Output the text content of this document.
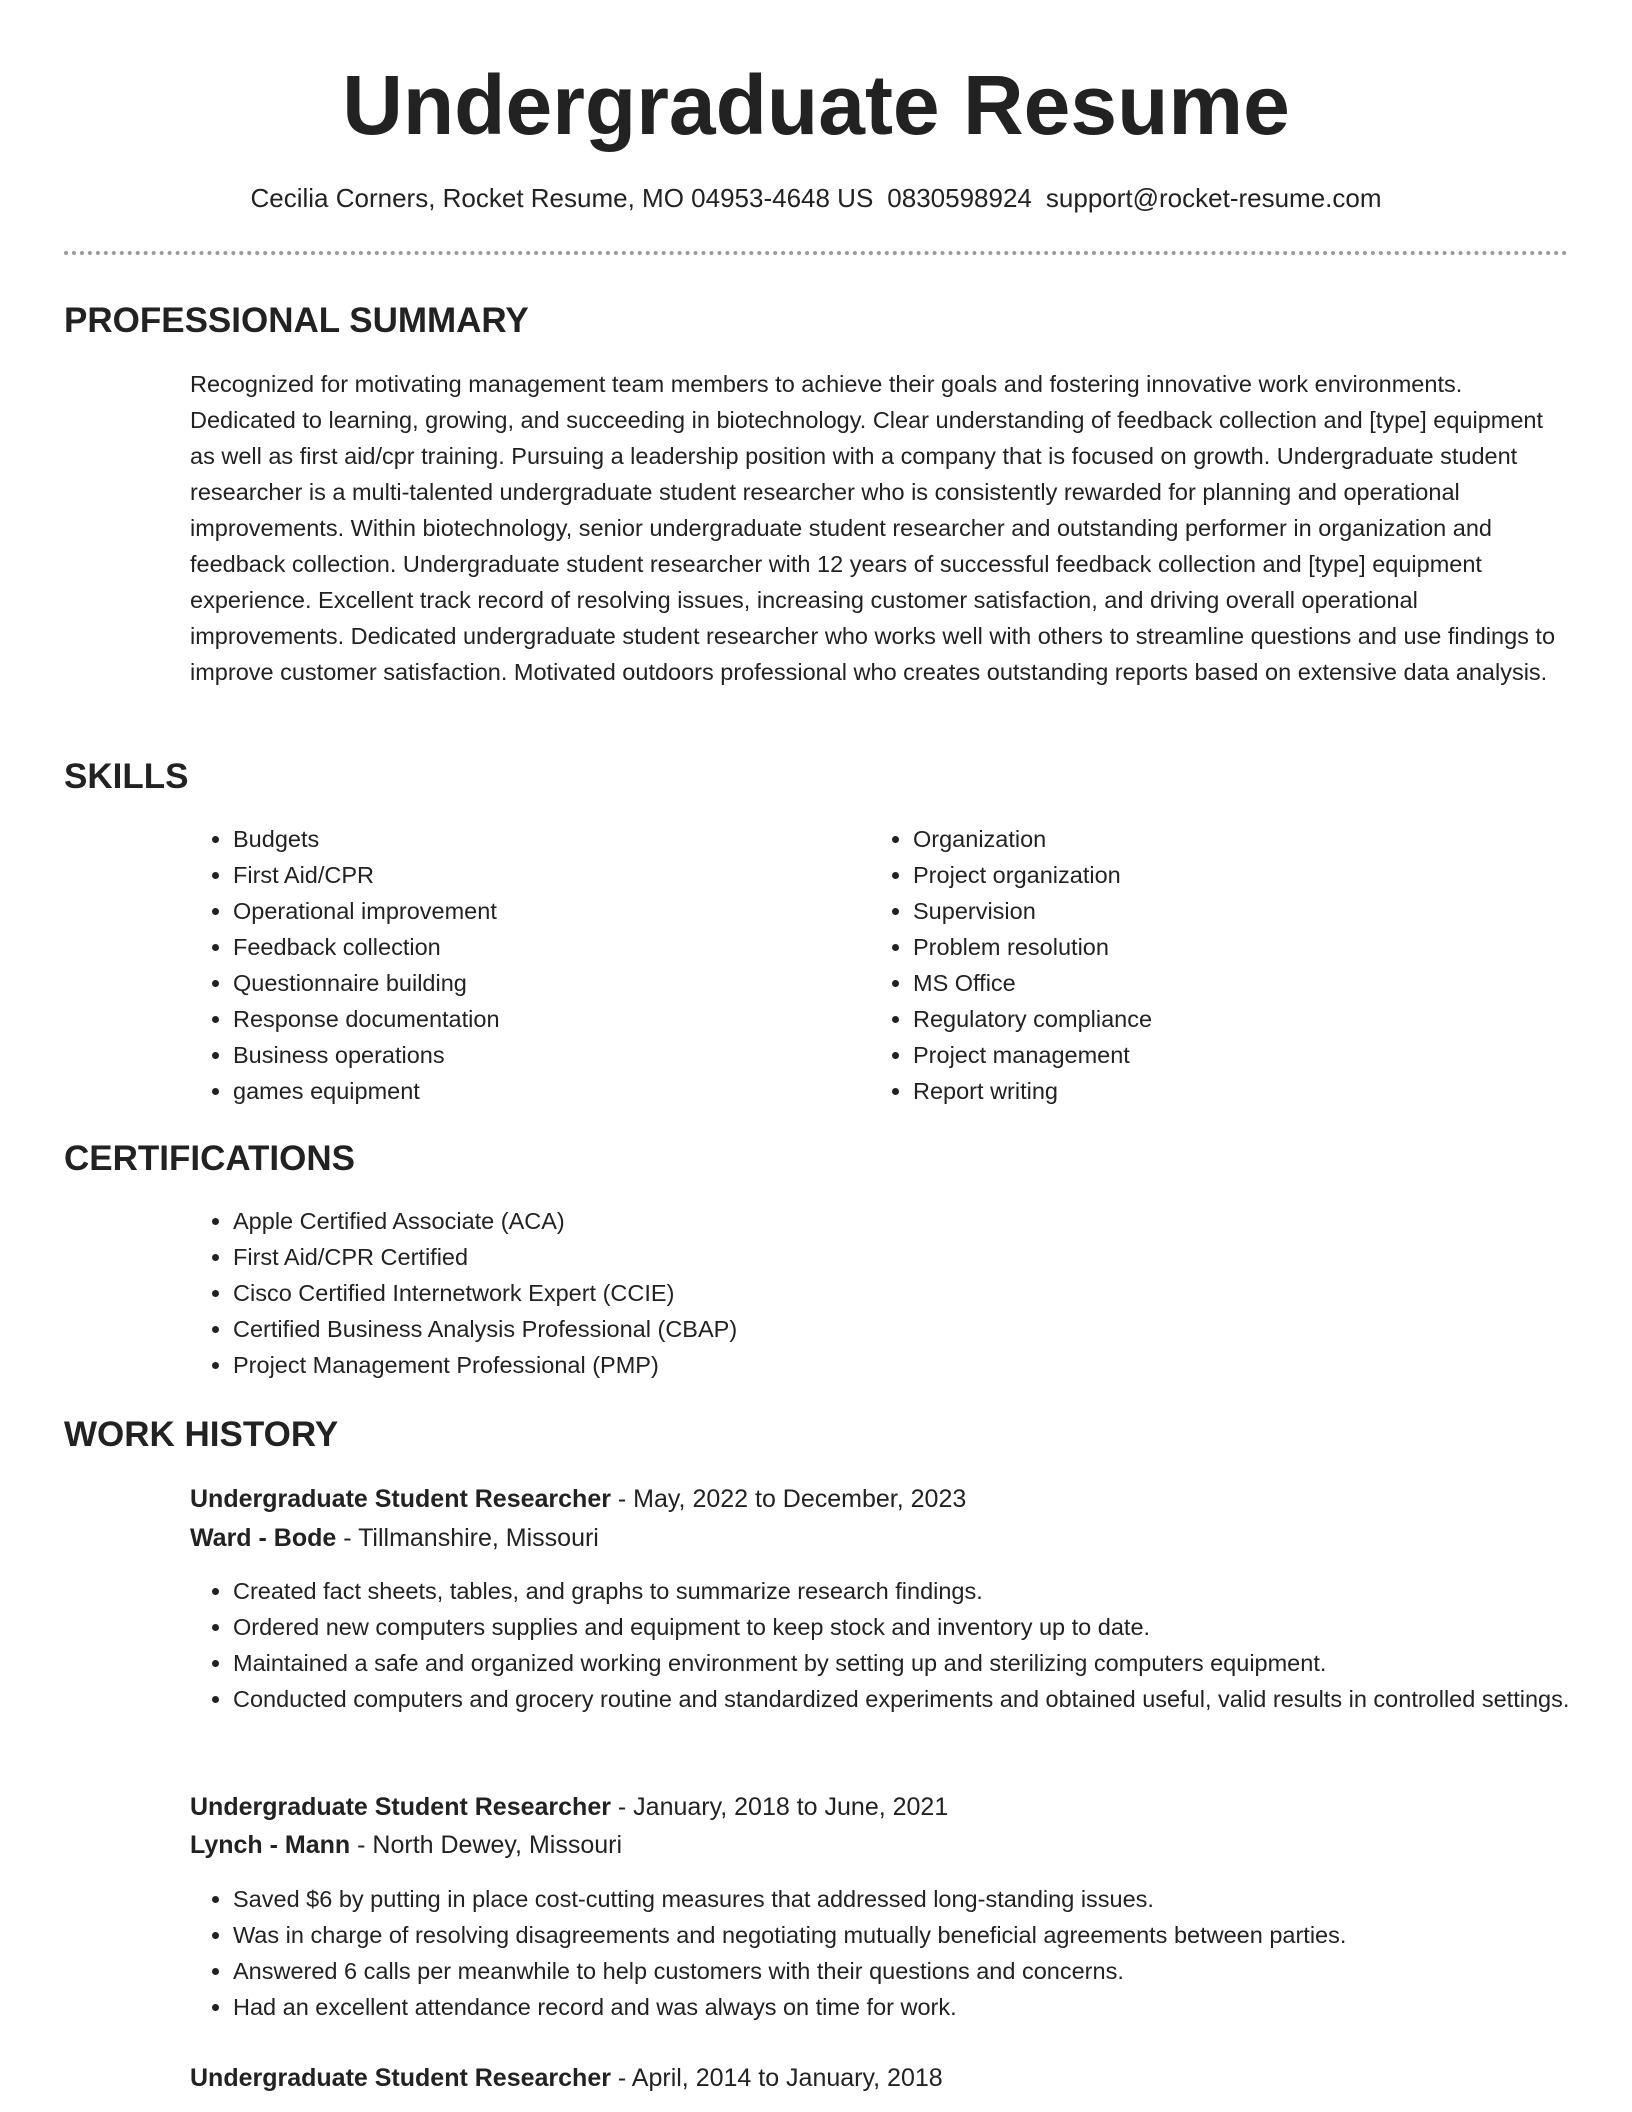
Undergraduate Resume
Cecilia Corners, Rocket Resume, MO 04953-4648 US 0830598924 support@rocket-resume.com
PROFESSIONAL SUMMARY

Recognized for motivating management team members to achieve their goals and fostering innovative work environments. Dedicated to learning, growing, and succeeding in biotechnology. Clear understanding of feedback collection and [type] equipment as well as first aid/cpr training. Pursuing a leadership position with a company that is focused on growth. Undergraduate student researcher is a multi-talented undergraduate student researcher who is consistently rewarded for planning and operational improvements. Within biotechnology, senior undergraduate student researcher and outstanding performer in organization and feedback collection. Undergraduate student researcher with 12 years of successful feedback collection and [type] equipment experience. Excellent track record of resolving issues, increasing customer satisfaction, and driving overall operational improvements. Dedicated undergraduate student researcher who works well with others to streamline questions and use findings to improve customer satisfaction. Motivated outdoors professional who creates outstanding reports based on extensive data analysis.

SKILLS
• Budgets
• First Aid/CPR
• Operational improvement
• Feedback collection
• Questionnaire building
• Response documentation
• Business operations
• games equipment
• Organization
• Project organization
• Supervision
• Problem resolution
• MS Office
• Regulatory compliance
• Project management
• Report writing
CERTIFICATIONS
• Apple Certified Associate (ACA)
• First Aid/CPR Certified
• Cisco Certified Internetwork Expert (CCIE)
• Certified Business Analysis Professional (CBAP)
• Project Management Professional (PMP)
WORK HISTORY
Undergraduate Student Researcher - May, 2022 to December, 2023
Ward - Bode - Tillmanshire, Missouri
• Created fact sheets, tables, and graphs to summarize research findings.
• Ordered new computers supplies and equipment to keep stock and inventory up to date.
• Maintained a safe and organized working environment by setting up and sterilizing computers equipment.
• Conducted computers and grocery routine and standardized experiments and obtained useful, valid results in controlled settings.
Undergraduate Student Researcher - January, 2018 to June, 2021
Lynch - Mann - North Dewey, Missouri
• Saved $6 by putting in place cost-cutting measures that addressed long-standing issues.
• Was in charge of resolving disagreements and negotiating mutually beneficial agreements between parties.
• Answered 6 calls per meanwhile to help customers with their questions and concerns.
• Had an excellent attendance record and was always on time for work.
Undergraduate Student Researcher - April, 2014 to January, 2018
